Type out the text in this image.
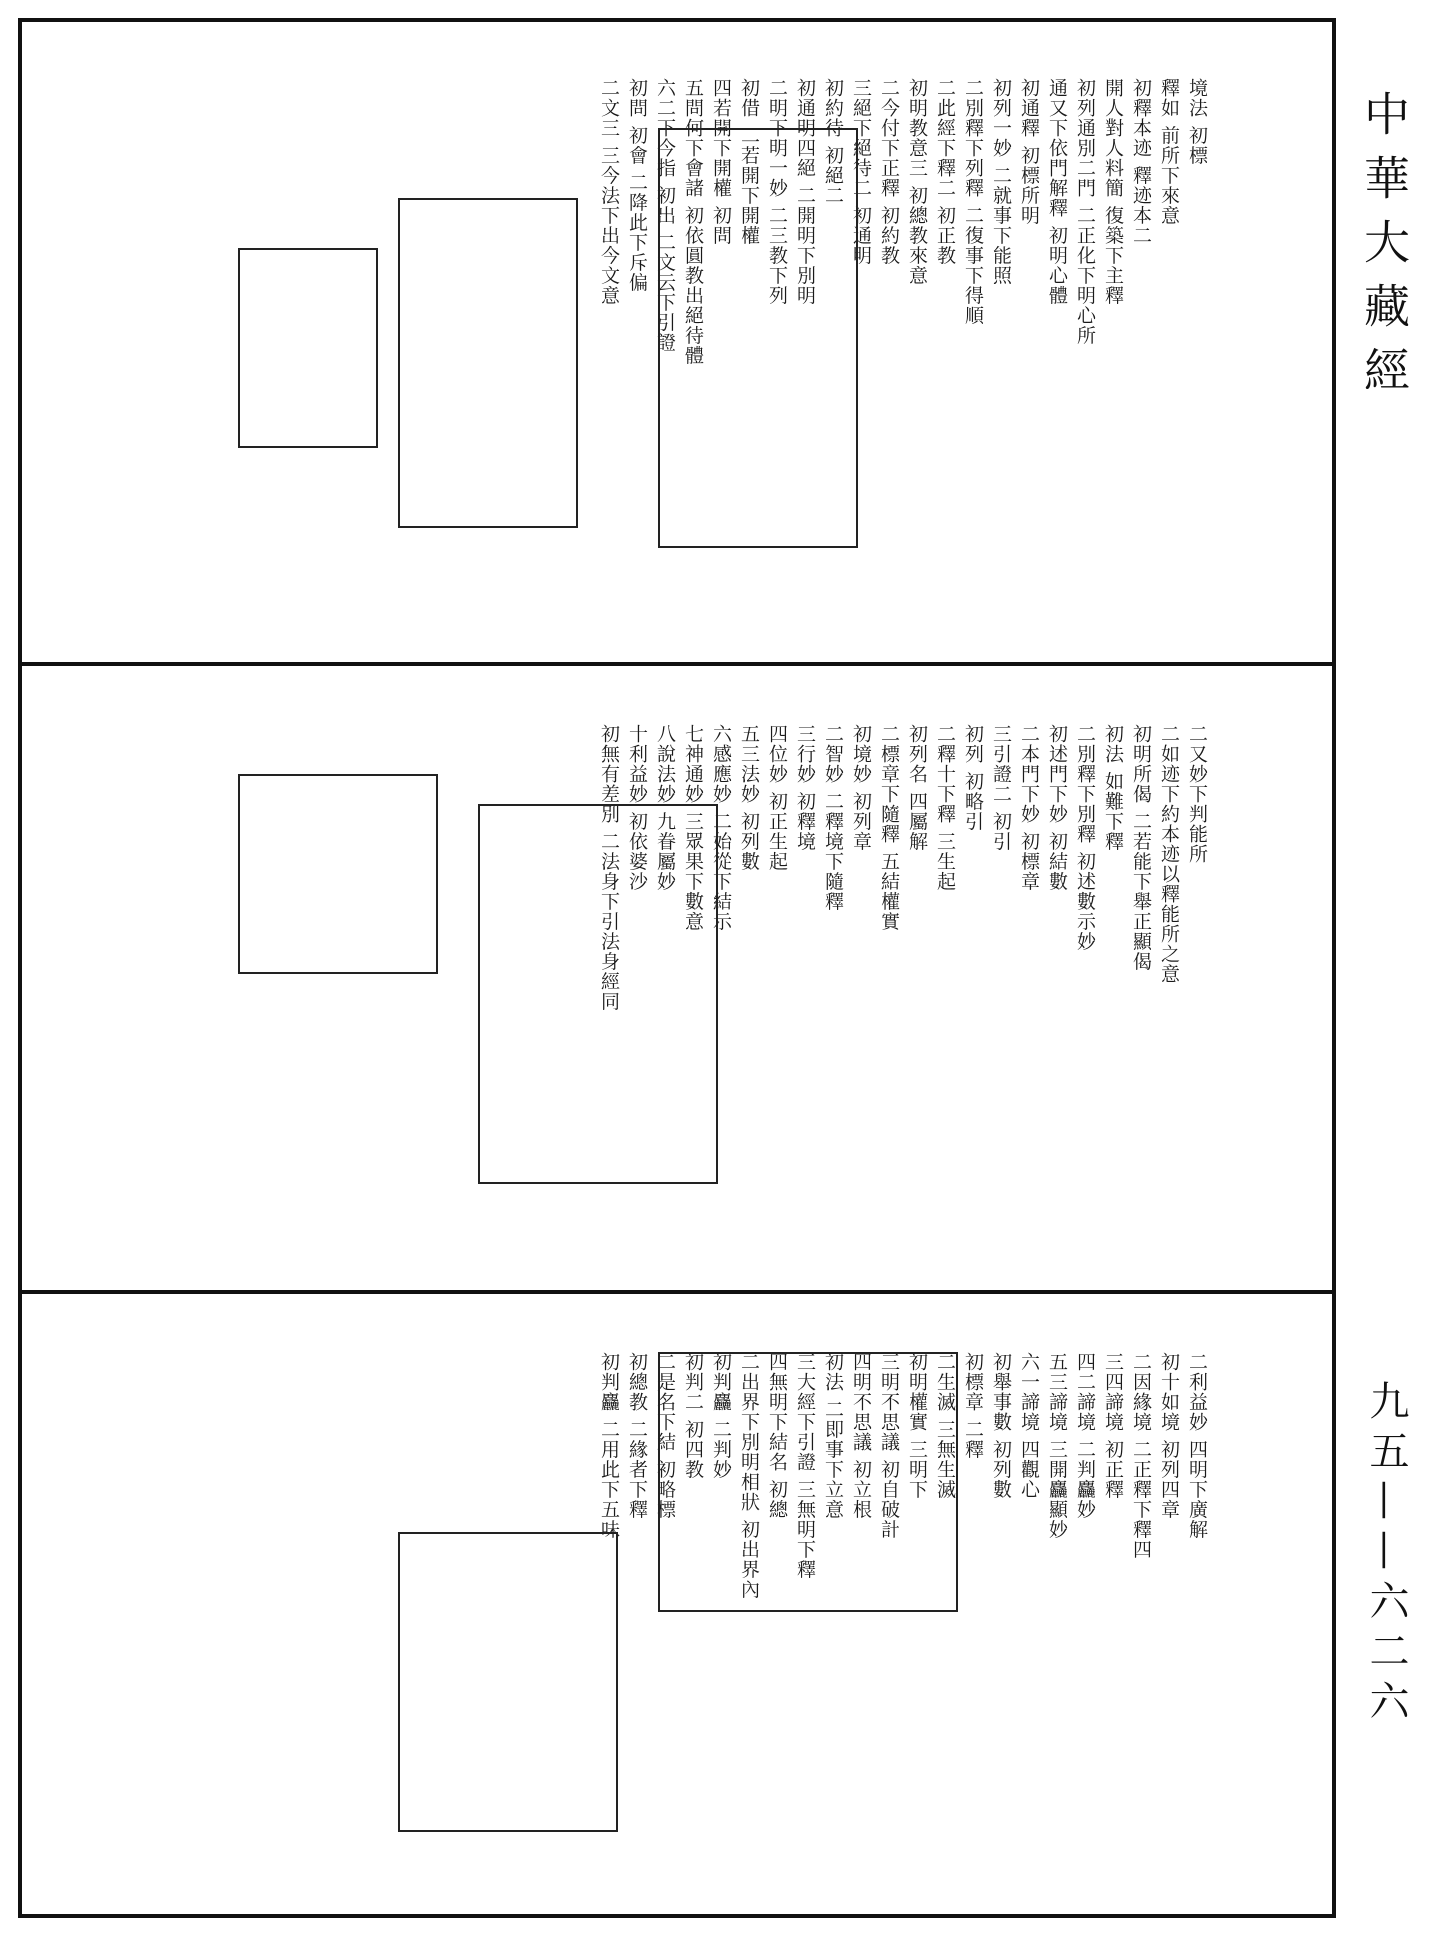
境法 初標
釋如 前所下來意
初釋本迹 釋迹本二
開人對人料簡 復築下主釋
初列通別二門 二正化下明心所
通又下依門解釋 初明心體
初通釋 初標所明
初列一妙 二就事下能照
二別釋下列釋 二復事下得順
二此經下釋二 初正教
初明教意三 初總教來意
二今付下正釋 初約教
三絕下絕待二 初通明
初約待 初絕二
初通明四絕 二開明下別明
二明下明一妙 二三教下列
初借 二若開下開權
四若開下開權 初問
五問何下會諸 初依圓教出絕待體
六二下今指 初出 二文云下引證
初問 初會 二降此下斥偏
二文三 三今法下出今文意
二又妙下判能所
二如迹下約本迹以釋能所之意
初明所偈 二若能下舉正顯偈
初法 如難下釋
二別釋下別釋 初述數示妙
初述門下妙 初結數
二本門下妙 初標章
三引證二 初引
初列 初略引
二釋十下釋 三生起
初列名 四屬解
二標章下隨釋 五結權實
初境妙 初列章
二智妙 二釋境下隨釋
三行妙 初釋境
四位妙 初正生起
五三法妙 初列數
六感應妙 二始從下結示
七神通妙 三眾果下數意
八說法妙 九眷屬妙
十利益妙 初依婆沙
初無有差別 二法身下引法身經同
二利益妙 四明下廣解
初十如境 初列四章
二因緣境 二正釋下釋四
三四諦境 初正釋
四二諦境 二判麤妙
五三諦境 三開麤顯妙
六一諦境 四觀心
初舉事數 初列數
初標章 二釋
二生滅 三無生滅
初明權實 三明下
三明不思議 初自破計
四明不思議 初立根
初法 二即事下立意
三大經下引證 三無明下釋
四無明下結名 初總
二出界下別明相狀 初出界內
初判麤 二判妙
初判二 初四教
二是名下結 初略標
初總教 二緣者下釋
初判麤 二用此下五味
中華大藏經
九五——六二六
